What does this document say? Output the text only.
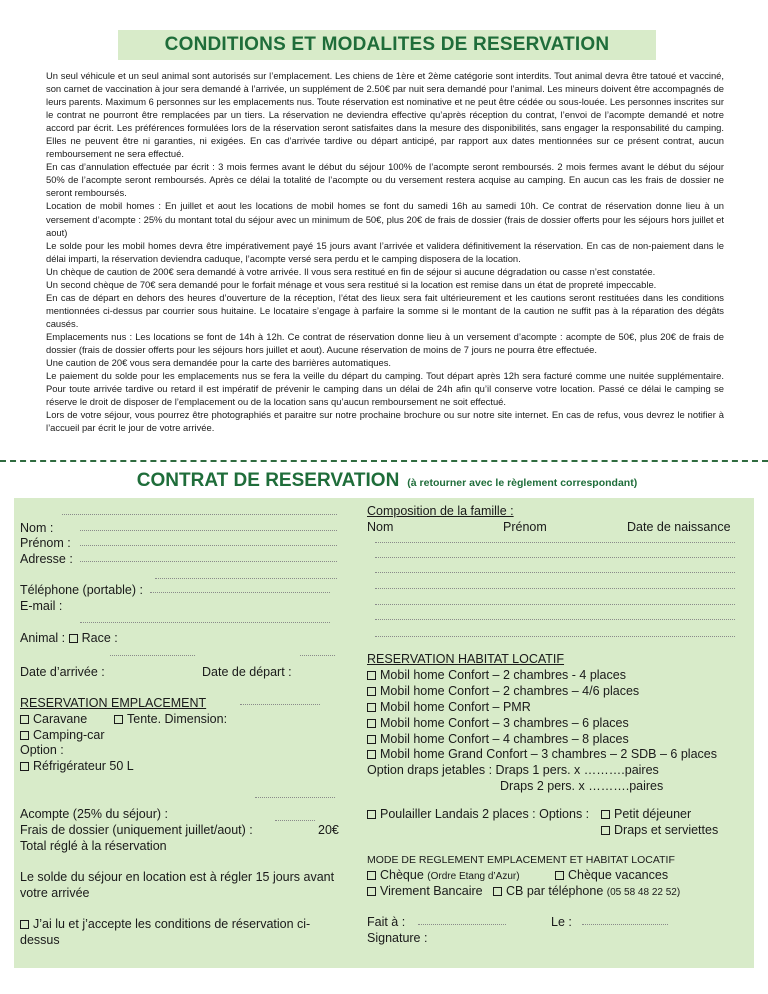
CONDITIONS ET MODALITES DE RESERVATION

Un seul véhicule et un seul animal sont autorisés sur l’emplacement. Les chiens de 1ère et 2ème catégorie sont interdits. Tout animal devra être tatoué et vacciné, son carnet de vaccination à jour sera demandé à l’arrivée, un supplément de 2.50€ par nuit sera demandé pour l’animal. Les mineurs doivent être accompagnés de leurs parents. Maximum 6 personnes sur les emplacements nus. Toute réservation est nominative et ne peut être cédée ou sous-louée. Les personnes inscrites sur le contrat ne pourront être remplacées par un tiers. La réservation ne deviendra effective qu’après réception du contrat, l’envoi de l’acompte demandé et notre accord par écrit. Les préférences formulées lors de la réservation seront satisfaites dans la mesure des disponibilités, sans engager la responsabilité du camping. Elles ne peuvent être ni garanties, ni exigées. En cas d’arrivée tardive ou départ anticipé, par rapport aux dates mentionnées sur ce présent contrat, aucun remboursement ne sera effectué.

En cas d’annulation effectuée par écrit : 3 mois fermes avant le début du séjour 100% de l’acompte seront remboursés. 2 mois fermes avant le début du séjour 50% de l’acompte seront remboursés. Après ce délai la totalité de l’acompte ou du versement restera acquise au camping. En aucun cas les frais de dossier ne seront remboursés.

Location de mobil homes : En juillet et aout les locations de mobil homes se font du samedi 16h au samedi 10h. Ce contrat de réservation donne lieu à un versement d’acompte : 25% du montant total du séjour avec un minimum de 50€, plus 20€ de frais de dossier (frais de dossier offerts pour les séjours hors juillet et aout)

Le solde pour les mobil homes devra être impérativement payé 15 jours avant l’arrivée et validera définitivement la réservation. En cas de non-paiement dans le délai imparti, la réservation deviendra caduque, l’acompte versé sera perdu et le camping disposera de la location.

Un chèque de caution de 200€ sera demandé à votre arrivée. Il vous sera restitué en fin de séjour si aucune dégradation ou casse n’est constatée.

Un second chèque de 70€ sera demandé pour le forfait ménage et vous sera restitué si la location est remise dans un état de propreté impeccable.

En cas de départ en dehors des heures d’ouverture de la réception, l’état des lieux sera fait ultérieurement et les cautions seront restituées dans les conditions mentionnées ci-dessus par courrier sous huitaine. Le locataire s’engage à parfaire la somme si le montant de la caution ne suffit pas à la réparation des dégâts causés.

Emplacements nus : Les locations se font de 14h à 12h. Ce contrat de réservation donne lieu à un versement d’acompte : acompte de 50€, plus 20€ de frais de dossier (frais de dossier offerts pour les séjours hors juillet et aout). Aucune réservation de moins de 7 jours ne pourra être effectuée.

Une caution de 20€ vous sera demandée pour la carte des barrières automatiques.

Le paiement du solde pour les emplacements nus se fera la veille du départ du camping. Tout départ après 12h sera facturé comme une nuitée supplémentaire. Pour toute arrivée tardive ou retard il est impératif de prévenir le camping dans un délai de 24h afin qu’il conserve votre location. Passé ce délai le camping se réserve le droit de disposer de l’emplacement ou de la location sans qu’aucun remboursement ne soit effectué.

Lors de votre séjour, vous pourrez être photographiés et paraitre sur notre prochaine brochure ou sur notre site internet. En cas de refus, vous devrez le notifier à l’accueil par écrit le jour de votre arrivée.

CONTRAT DE RESERVATION (à retourner avec le règlement correspondant)
Nom :
Prénom :
Adresse :
Téléphone (portable) :
E-mail :
Animal : Race :
Date d’arrivée :	Date de départ :
RESERVATION EMPLACEMENT
Caravane	Tente. Dimension:
Camping-car
Option :
Réfrigérateur 50 L
Acompte (25% du séjour) :
Frais de dossier (uniquement juillet/aout) :	20€
Total réglé à la réservation
Le solde du séjour en location est à régler 15 jours avant
votre arrivée
J’ai lu et j’accepte les conditions de réservation ci-
dessus
Composition de la famille :
Nom	Prénom	Date de naissance
RESERVATION HABITAT LOCATIF
Mobil home Confort – 2 chambres - 4 places
Mobil home Confort – 2 chambres – 4/6 places
Mobil home Confort – PMR
Mobil home Confort – 3 chambres – 6 places
Mobil home Confort – 4 chambres – 8 places
Mobil home Grand Confort – 3 chambres – 2 SDB – 6 places
Option draps jetables : Draps 1 pers. x ……….paires
Draps 2 pers. x ……….paires
Poulailler Landais 2 places : Options :	Petit déjeuner
Draps et serviettes
MODE DE REGLEMENT EMPLACEMENT ET HABITAT LOCATIF
Chèque (Ordre Etang d’Azur)	Chèque vacances
Virement Bancaire	CB par téléphone (05 58 48 22 52)
Fait à :	Le :
Signature :
